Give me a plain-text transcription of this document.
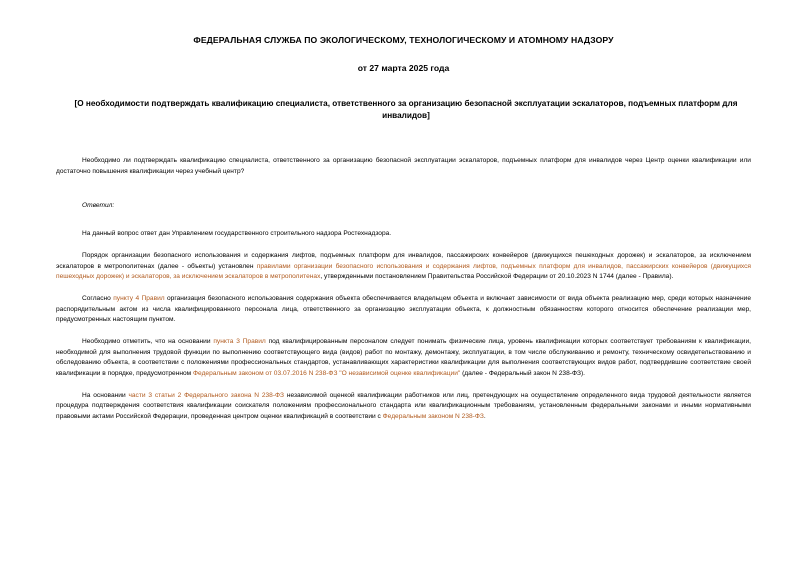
ФЕДЕРАЛЬНАЯ СЛУЖБА ПО ЭКОЛОГИЧЕСКОМУ, ТЕХНОЛОГИЧЕСКОМУ И АТОМНОМУ НАДЗОРУ
от 27 марта 2025 года
[О необходимости подтверждать квалификацию специалиста, ответственного за организацию безопасной эксплуатации эскалаторов, подъемных платформ для инвалидов]

Необходимо ли подтверждать квалификацию специалиста, ответственного за организацию безопасной эксплуатации эскалаторов, подъемных платформ для инвалидов через Центр оценки квалификации или достаточно повышения квалификации через учебный центр?

Ответил:

На данный вопрос ответ дан Управлением государственного строительного надзора Ростехнадзора.

Порядок организации безопасного использования и содержания лифтов, подъемных платформ для инвалидов, пассажирских конвейеров (движущихся пешеходных дорожек) и эскалаторов, за исключением эскалаторов в метрополитенах (далее - объекты) установлен правилами организации безопасного использования и содержания лифтов, подъемных платформ для инвалидов, пассажирских конвейеров (движущихся пешеходных дорожек) и эскалаторов, за исключением эскалаторов в метрополитенах, утвержденными постановлением Правительства Российской Федерации от 20.10.2023 N 1744 (далее - Правила).

Согласно пункту 4 Правил организация безопасного использования содержания объекта обеспечивается владельцем объекта и включает зависимости от вида объекта реализацию мер, среди которых назначение распорядительным актом из числа квалифицированного персонала лица, ответственного за организацию эксплуатации объекта, к должностным обязанностям которого относится обеспечение реализации мер, предусмотренных настоящим пунктом.

Необходимо отметить, что на основании пункта 3 Правил под квалифицированным персоналом следует понимать физические лица, уровень квалификации которых соответствует требованиям к квалификации, необходимой для выполнения трудовой функции по выполнению соответствующего вида (видов) работ по монтажу, демонтажу, эксплуатации, в том числе обслуживанию и ремонту, техническому освидетельствованию и обследованию объекта, в соответствии с положениями профессиональных стандартов, устанавливающих характеристики квалификации для выполнения соответствующих видов работ, подтвердившие соответствие своей квалификации в порядке, предусмотренном Федеральным законом от 03.07.2016 N 238-ФЗ "О независимой оценке квалификации" (далее - Федеральный закон N 238-ФЗ).

На основании части 3 статьи 2 Федерального закона N 238-ФЗ независимой оценкой квалификации работников или лиц, претендующих на осуществление определенного вида трудовой деятельности является процедура подтверждения соответствия квалификации соискателя положениям профессионального стандарта или квалификационным требованиям, установленным федеральными законами и иными нормативными правовыми актами Российской Федерации, проведенная центром оценки квалификаций в соответствии с Федеральным законом N 238-ФЗ.
